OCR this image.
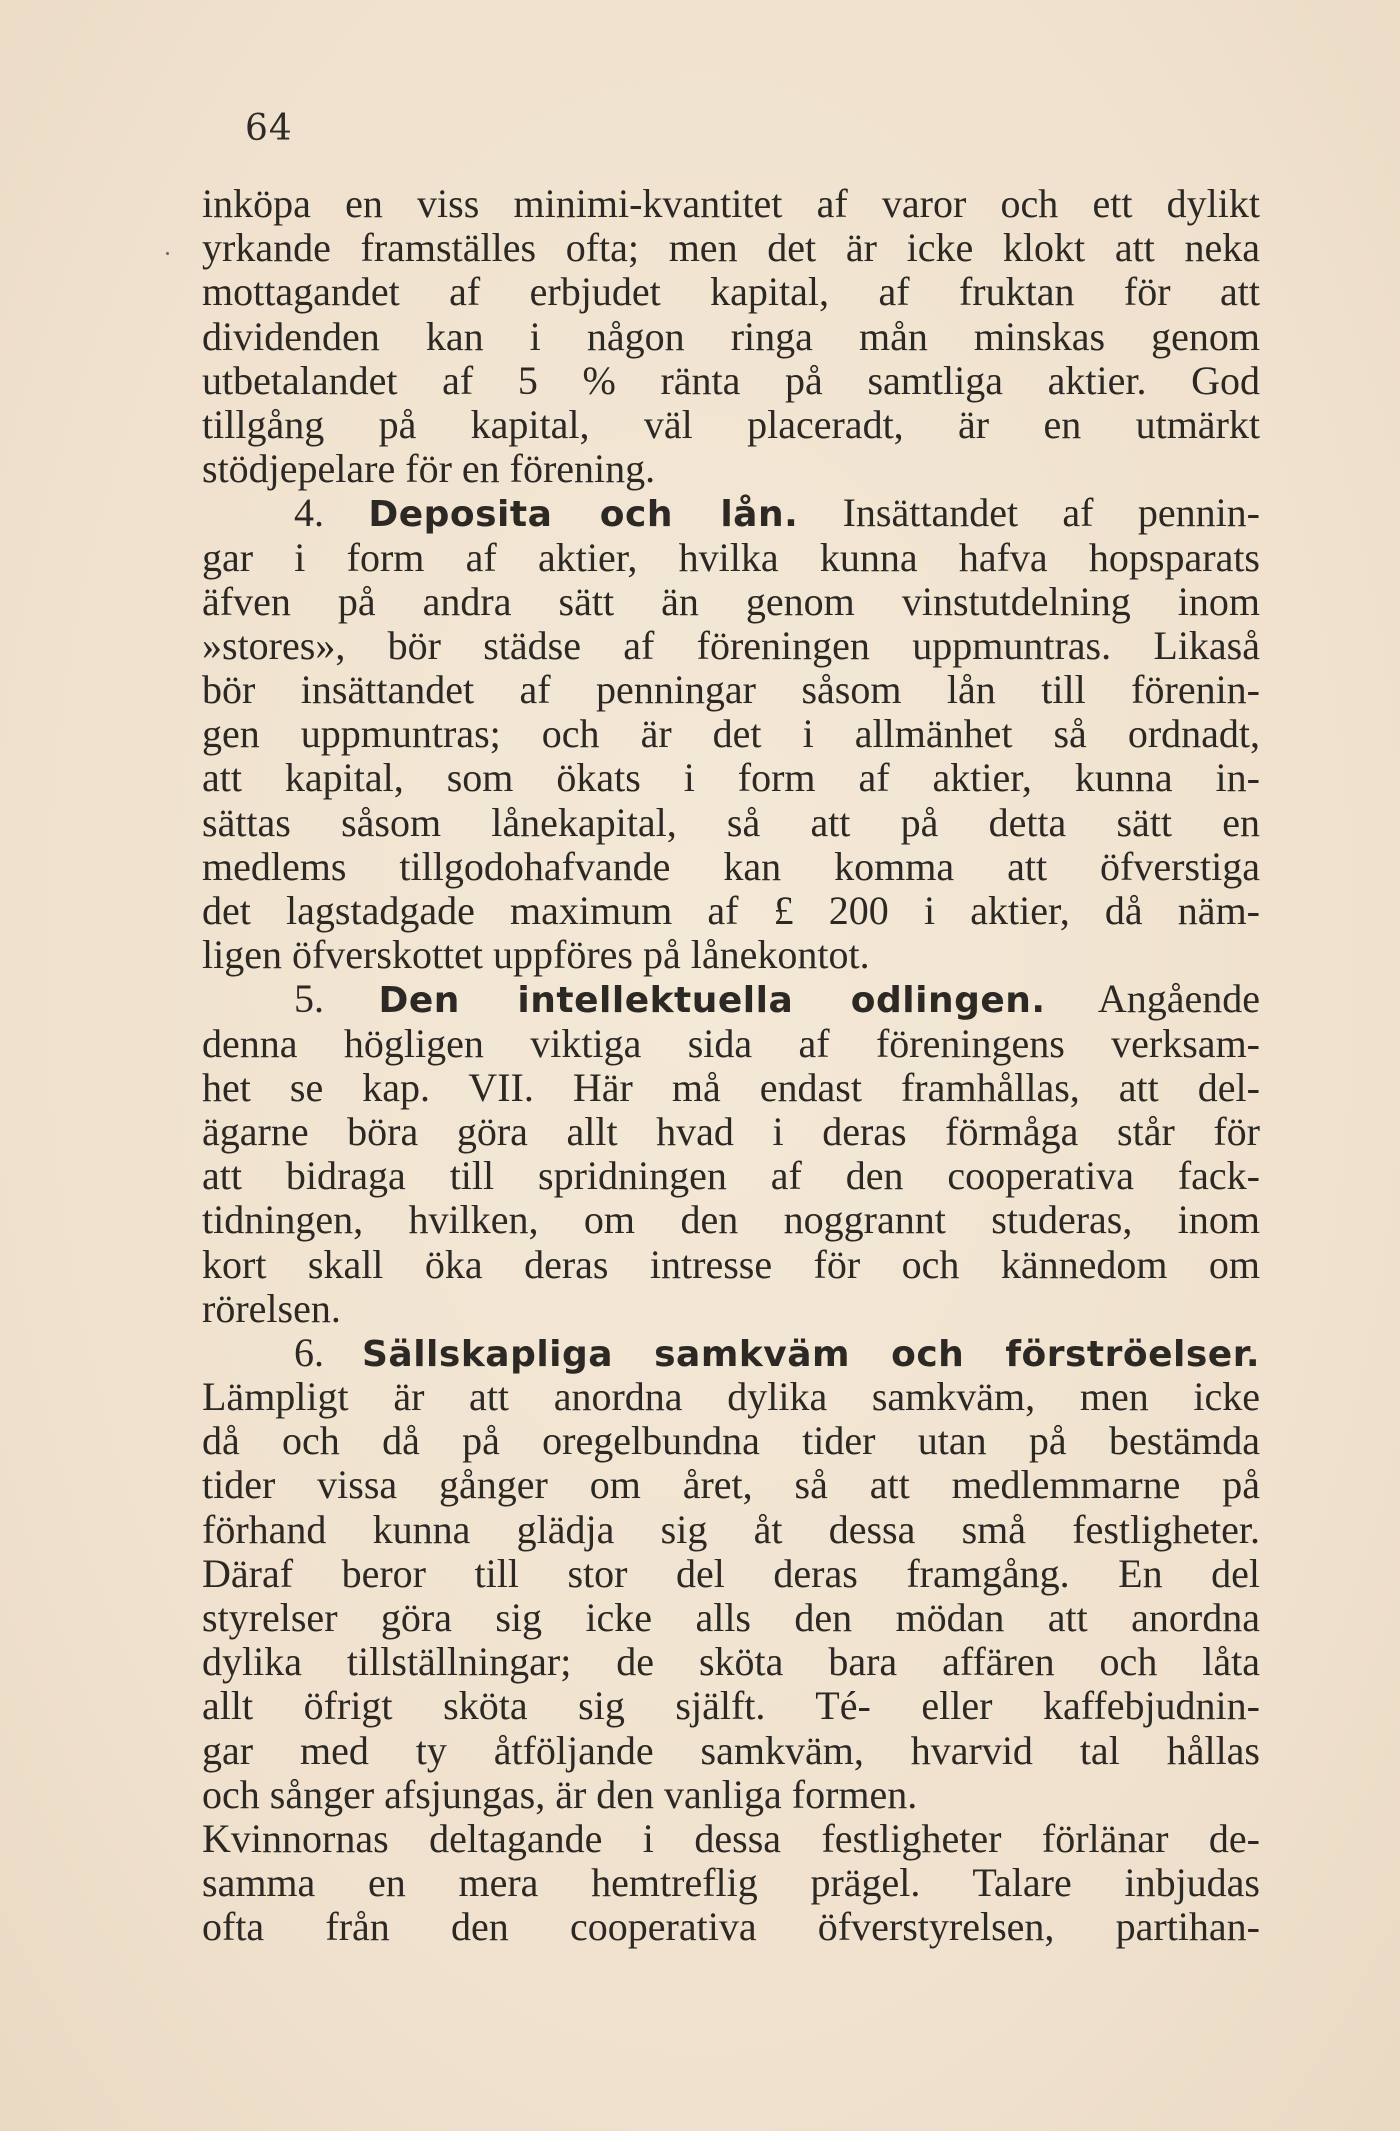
64
inköpa en viss minimi-kvantitet af varor och ett dylikt
yrkande framställes ofta; men det är icke klokt att neka
mottagandet af erbjudet kapital, af fruktan för att
dividenden kan i någon ringa mån minskas genom
utbetalandet af 5 % ränta på samtliga aktier. God
tillgång på kapital, väl placeradt, är en utmärkt
stödjepelare för en förening.
4. Deposita och lån. Insättandet af pennin-
gar i form af aktier, hvilka kunna hafva hopsparats
äfven på andra sätt än genom vinstutdelning inom
»stores», bör städse af föreningen uppmuntras. Likaså
bör insättandet af penningar såsom lån till förenin-
gen uppmuntras; och är det i allmänhet så ordnadt,
att kapital, som ökats i form af aktier, kunna in-
sättas såsom lånekapital, så att på detta sätt en
medlems tillgodohafvande kan komma att öfverstiga
det lagstadgade maximum af £ 200 i aktier, då näm-
ligen öfverskottet uppföres på lånekontot.
5. Den intellektuella odlingen. Angående
denna högligen viktiga sida af föreningens verksam-
het se kap. VII. Här må endast framhållas, att del-
ägarne böra göra allt hvad i deras förmåga står för
att bidraga till spridningen af den cooperativa fack-
tidningen, hvilken, om den noggrannt studeras, inom
kort skall öka deras intresse för och kännedom om
rörelsen.
6. Sällskapliga samkväm och förströelser.
Lämpligt är att anordna dylika samkväm, men icke
då och då på oregelbundna tider utan på bestämda
tider vissa gånger om året, så att medlemmarne på
förhand kunna glädja sig åt dessa små festligheter.
Däraf beror till stor del deras framgång. En del
styrelser göra sig icke alls den mödan att anordna
dylika tillställningar; de sköta bara affären och låta
allt öfrigt sköta sig själft. Té- eller kaffebjudnin-
gar med ty åtföljande samkväm, hvarvid tal hållas
och sånger afsjungas, är den vanliga formen.
Kvinnornas deltagande i dessa festligheter förlänar de-
samma en mera hemtreflig prägel. Talare inbjudas
ofta från den cooperativa öfverstyrelsen, partihan-
